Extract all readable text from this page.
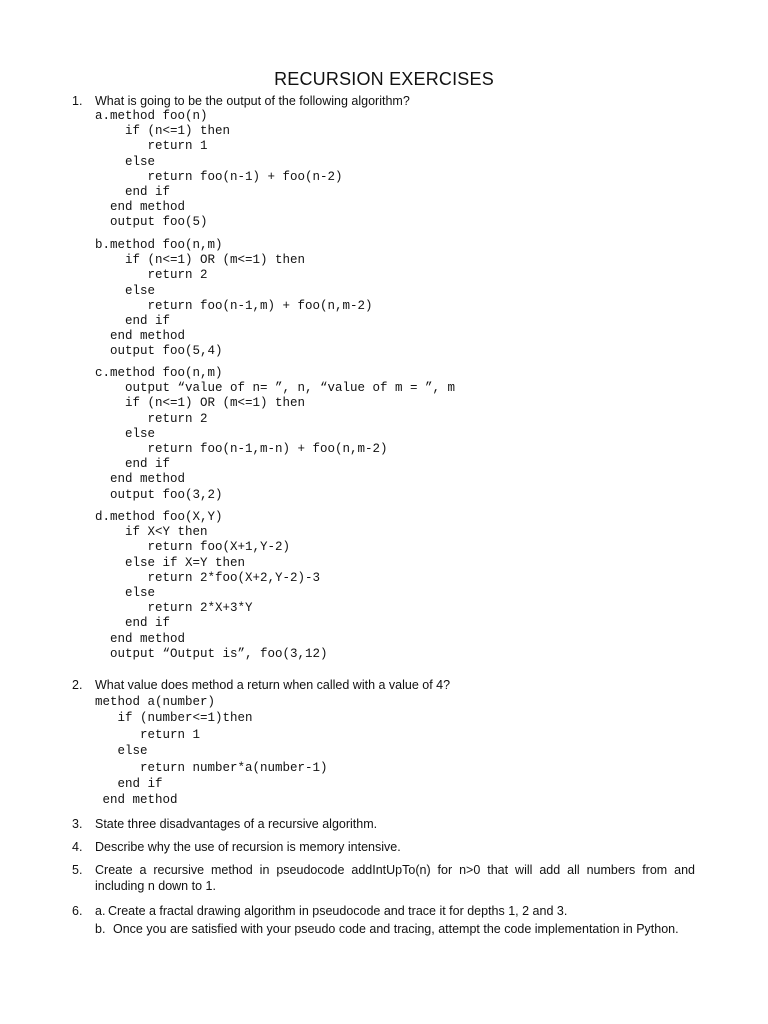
RECURSION EXERCISES
1.	What is going to be the output of the following algorithm?
a.method foo(n)
if (n<=1) then
return 1
else
return foo(n-1) + foo(n-2)
end if
end method
output foo(5)
b.method foo(n,m)
if (n<=1) OR (m<=1) then
return 2
else
return foo(n-1,m) + foo(n,m-2)
end if
end method
output foo(5,4)
c.method foo(n,m)
output “value of n= ”, n, “value of m = ”, m
if (n<=1) OR (m<=1) then
return 2
else
return foo(n-1,m-n) + foo(n,m-2)
end if
end method
output foo(3,2)
d.method foo(X,Y)
if X<Y then
return foo(X+1,Y-2)
else if X=Y then
return 2*foo(X+2,Y-2)-3
else
return 2*X+3*Y
end if
end method
output “Output is”, foo(3,12)
2.	What value does method a return when called with a value of 4?
method a(number)
if (number<=1)then
return 1
else
return number*a(number-1)
end if
end method
3.	State three disadvantages of a recursive algorithm.
4.	Describe why the use of recursion is memory intensive.
5.	Create a recursive method in pseudocode addIntUpTo(n) for n>0 that will add all numbers from and including n down to 1.
6.	a. Create a fractal drawing algorithm in pseudocode and trace it for depths 1, 2 and 3.
b. Once you are satisfied with your pseudo code and tracing, attempt the code implementation in Python.
